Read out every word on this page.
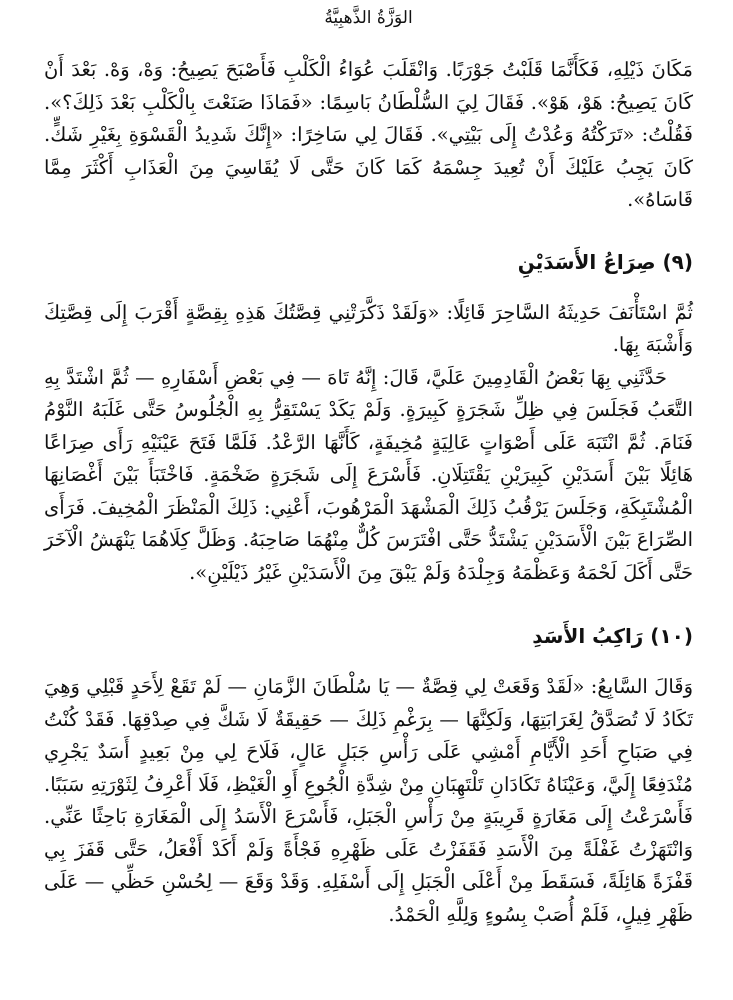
الوَزَّةُ الذَّهبِيَّةُ

مَكَانَ ذَيْلِهِ، فَكَأَنَّمَا قَلَبْتُ جَوْرَبًا. وَانْقَلَبَ عُوَاءُ الْكَلْبِ فَأَصْبَحَ يَصِيحُ: وَهْ، وَهْ. بَعْدَ أَنْ كَانَ يَصِيحُ: هَوْ، هَوْ». فَقَالَ لِيَ السُّلْطَانُ بَاسِمًا: «فَمَاذَا صَنَعْتَ بِالْكَلْبِ بَعْدَ ذَلِكَ؟». فَقُلْتُ: «تَرَكْتُهُ وَعُدْتُ إِلَى بَيْتِي». فَقَالَ لِي سَاخِرًا: «إِنَّكَ شَدِيدُ الْقَسْوَةِ بِغَيْرِ شَكٍّ. كَانَ يَجِبُ عَلَيْكَ أَنْ تُعِيدَ جِسْمَهُ كَمَا كَانَ حَتَّى لَا يُقَاسِيَ مِنَ الْعَذَابِ أَكْثَرَ مِمَّا قَاسَاهُ».

(٩) صِرَاعُ الأَسَدَيْنِ

ثُمَّ اسْتَأْنَفَ حَدِيثَهُ السَّاحِرَ قَائِلًا: «وَلَقَدْ ذَكَّرَتْنِي قِصَّتُكَ هَذِهِ بِقِصَّةٍ أَقْرَبَ إِلَى قِصَّتِكَ وَأَشْبَهَ بِهَا.

حَدَّثَنِي بِهَا بَعْضُ الْقَادِمِينَ عَلَيَّ، قَالَ: إِنَّهُ تَاهَ — فِي بَعْضِ أَسْفَارِهِ — ثُمَّ اشْتَدَّ بِهِ التَّعَبُ فَجَلَسَ فِي ظِلِّ شَجَرَةٍ كَبِيرَةٍ. وَلَمْ يَكَدْ يَسْتَقِرُّ بِهِ الْجُلُوسُ حَتَّى غَلَبَهُ النَّوْمُ فَنَامَ. ثُمَّ انْتَبَهَ عَلَى أَصْوَاتٍ عَالِيَةٍ مُخِيفَةٍ، كَأَنَّهَا الرَّعْدُ. فَلَمَّا فَتَحَ عَيْنَيْهِ رَأَى صِرَاعًا هَائِلًا بَيْنَ أَسَدَيْنِ كَبِيرَيْنِ يَقْتَتِلَانِ. فَأَسْرَعَ إِلَى شَجَرَةٍ ضَخْمَةٍ. فَاخْتَبَأَ بَيْنَ أَغْصَانِهَا الْمُشْتَبِكَةِ، وَجَلَسَ يَرْقُبُ ذَلِكَ الْمَشْهَدَ الْمَرْهُوبَ، أَعْنِي: ذَلِكَ الْمَنْظَرَ الْمُخِيفَ. فَرَأَى الصِّرَاعَ بَيْنَ الْأَسَدَيْنِ يَشْتَدُّ حَتَّى افْتَرَسَ كُلٌّ مِنْهُمَا صَاحِبَهُ. وَظَلَّ كِلَاهُمَا يَنْهَشُ الْآخَرَ حَتَّى أَكَلَ لَحْمَهُ وَعَظْمَهُ وَجِلْدَهُ وَلَمْ يَبْقَ مِنَ الْأَسَدَيْنِ غَيْرُ ذَيْلَيْنِ».

(١٠) رَاكِبُ الأَسَدِ

وَقَالَ السَّابِعُ: «لَقَدْ وَقَعَتْ لِي قِصَّةٌ — يَا سُلْطَانَ الزَّمَانِ — لَمْ تَقَعْ لِأَحَدٍ قَبْلِي وَهِيَ تَكَادُ لَا تُصَدَّقُ لِغَرَابَتِهَا، وَلَكِنَّهَا — بِرَغْمِ ذَلِكَ — حَقِيقَةٌ لَا شَكَّ فِي صِدْقِهَا. فَقَدْ كُنْتُ فِي صَبَاحِ أَحَدِ الْأَيَّامِ أَمْشِي عَلَى رَأْسِ جَبَلٍ عَالٍ، فَلَاحَ لِي مِنْ بَعِيدٍ أَسَدٌ يَجْرِي مُنْدَفِعًا إِلَيَّ، وَعَيْنَاهُ تَكَادَانِ تَلْتَهِبَانِ مِنْ شِدَّةِ الْجُوعِ أَوِ الْغَيْظِ، فَلَا أَعْرِفُ لِثَوْرَتِهِ سَبَبًا. فَأَسْرَعْتُ إِلَى مَغَارَةٍ قَرِيبَةٍ مِنْ رَأْسِ الْجَبَلِ، فَأَسْرَعَ الْأَسَدُ إِلَى الْمَغَارَةِ بَاحِثًا عَنِّي. وَانْتَهَزْتُ غَفْلَةً مِنَ الْأَسَدِ فَقَفَزْتُ عَلَى ظَهْرِهِ فَجْأَةً وَلَمْ أَكَدْ أَفْعَلُ، حَتَّى قَفَزَ بِي قَفْزَةً هَائِلَةً، فَسَقَطَ مِنْ أَعْلَى الْجَبَلِ إِلَى أَسْفَلِهِ. وَقَدْ وَقَعَ — لِحُسْنِ حَظِّي — عَلَى ظَهْرِ فِيلٍ، فَلَمْ أُصَبْ بِسُوءٍ وَلِلَّهِ الْحَمْدُ.
